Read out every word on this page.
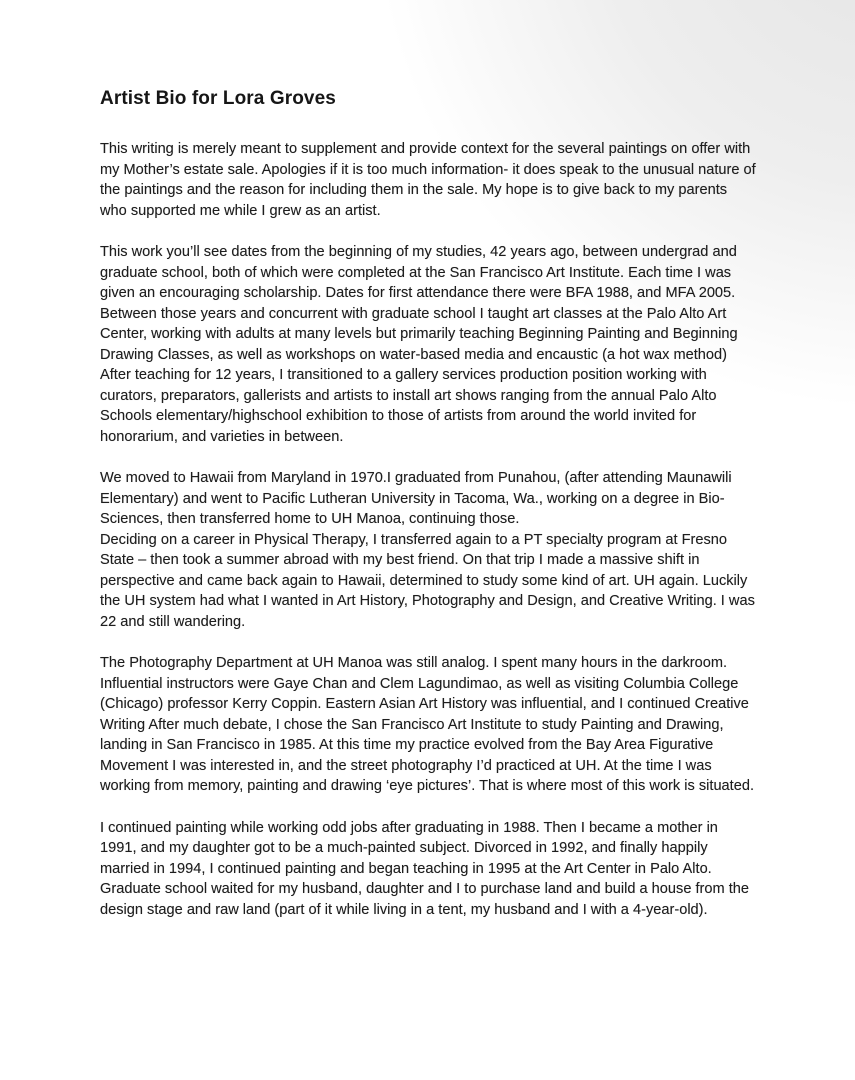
Artist Bio for Lora Groves

This writing is merely meant to supplement and provide context for the several paintings on offer with my Mother’s estate sale. Apologies if it is too much information- it does speak to the unusual nature of the paintings and the reason for including them in the sale. My hope is to give back to my parents who supported me while I grew as an artist.

This work you’ll see dates from the beginning of my studies, 42 years ago, between undergrad and graduate school, both of which were completed at the San Francisco Art Institute. Each time I was given an encouraging scholarship. Dates for first attendance there were BFA 1988, and MFA 2005. Between those years and concurrent with graduate school I taught art classes at the Palo Alto Art Center, working with adults at many levels but primarily teaching Beginning Painting and Beginning Drawing Classes, as well as workshops on water-based media and encaustic (a hot wax method) After teaching for 12 years, I transitioned to a gallery services production position working with curators, preparators, gallerists and artists to install art shows ranging from the annual Palo Alto Schools elementary/highschool exhibition to those of artists from around the world invited for honorarium, and varieties in between.

We moved to Hawaii from Maryland in 1970.I graduated from Punahou, (after attending Maunawili Elementary) and went to Pacific Lutheran University in Tacoma, Wa., working on a degree in Bio-Sciences, then transferred home to UH Manoa, continuing those.
Deciding on a career in Physical Therapy, I transferred again to a PT specialty program at Fresno State – then took a summer abroad with my best friend. On that trip I made a massive shift in perspective and came back again to Hawaii, determined to study some kind of art. UH again. Luckily the UH system had what I wanted in Art History, Photography and Design, and Creative Writing. I was 22 and still wandering.

The Photography Department at UH Manoa was still analog. I spent many hours in the darkroom. Influential instructors were Gaye Chan and Clem Lagundimao, as well as visiting Columbia College (Chicago) professor Kerry Coppin. Eastern Asian Art History was influential, and I continued Creative Writing After much debate, I chose the San Francisco Art Institute to study Painting and Drawing, landing in San Francisco in 1985. At this time my practice evolved from the Bay Area Figurative Movement I was interested in, and the street photography I’d practiced at UH. At the time I was working from memory, painting and drawing ‘eye pictures’. That is where most of this work is situated.

I continued painting while working odd jobs after graduating in 1988. Then I became a mother in 1991, and my daughter got to be a much-painted subject. Divorced in 1992, and finally happily married in 1994, I continued painting and began teaching in 1995 at the Art Center in Palo Alto. Graduate school waited for my husband, daughter and I to purchase land and build a house from the design stage and raw land (part of it while living in a tent, my husband and I with a 4-year-old).
